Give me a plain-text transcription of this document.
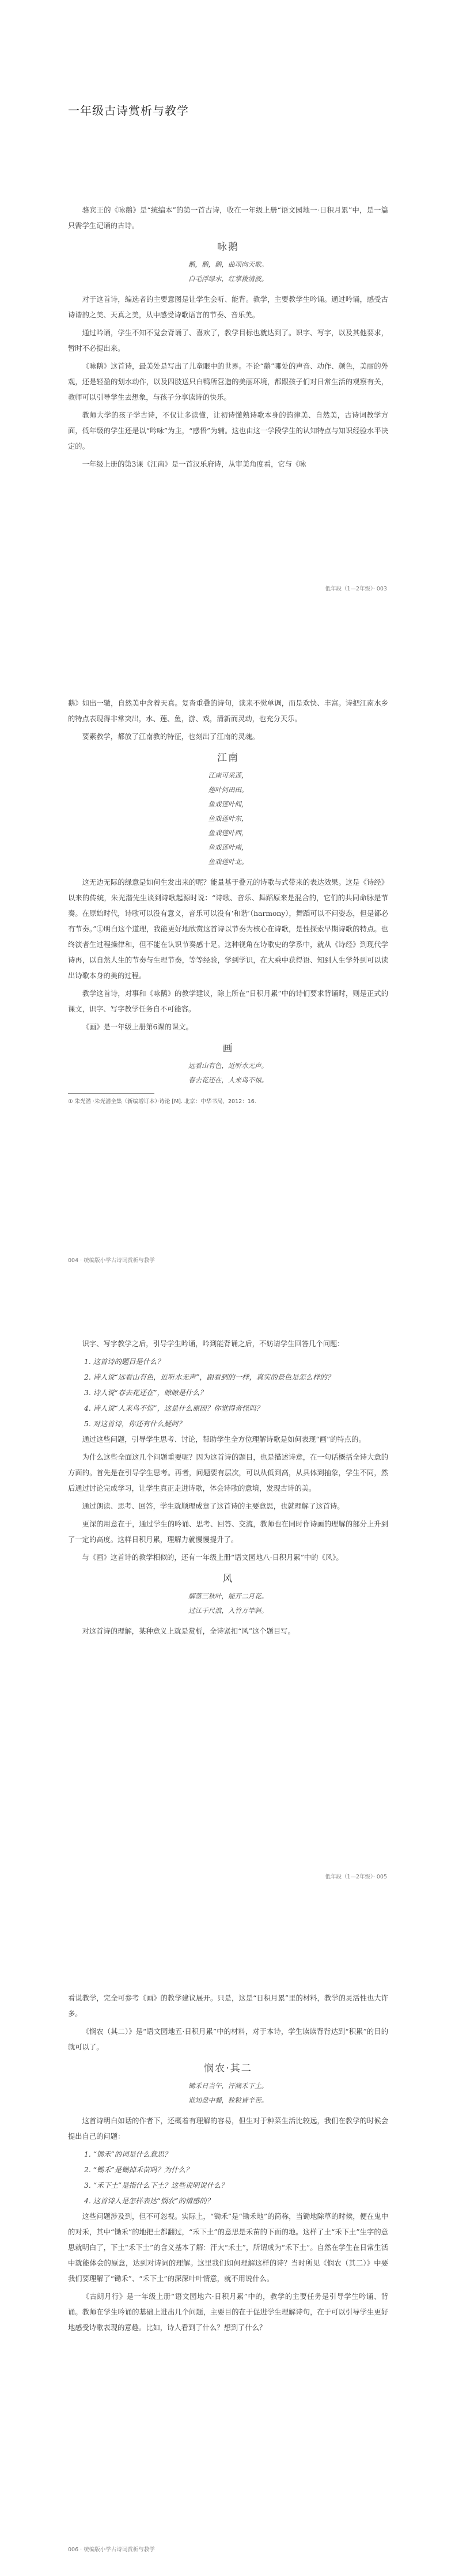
一年级古诗赏析与教学

骆宾王的《咏鹅》是“统编本”的第一首古诗，收在一年级上册“语文园地一·日积月累”中，是一篇只需学生记诵的古诗。

咏鹅
鹅，鹅，鹅，曲项向天歌。
白毛浮绿水，红掌拨清波。

对于这首诗，编选者的主要意图是让学生会听、能背。教学，主要教学生吟诵。通过吟诵，感受古诗谐韵之美、天真之美，从中感受诗歌语言的节奏、音乐美。

通过吟诵，学生不知不觉会背诵了、喜欢了，教学目标也就达到了。识字、写字，以及其他要求，暂时不必提出来。

《咏鹅》这首诗，最美处是写出了儿童眼中的世界。不论“鹅”哪处的声音、动作、颜色，美丽的外观，还是轻盈的划水动作，以及四肢送只白鸭所营造的美丽环境，都跟孩子们对日常生活的观察有关，教师可以引导学生去想象，与孩子分享读诗的快乐。

教师大学的孩子学古诗，不仅让多读懂，让初诗懂熟诗歌本身的韵律美、自然美，古诗词教学方面，低年级的学生还是以“吟咏”为主，“感悟”为辅。这也由这一学段学生的认知特点与知识经验水平决定的。

一年级上册的第3课《江南》是一首汉乐府诗，从审美角度看，它与《咏

低年段（1—2年级）· 003

鹅》如出一辙，自然美中含着天真。复沓重叠的诗句，读来不觉单调，而是欢快、丰富。诗把江南水乡的特点表现得非常突出，水、莲、鱼，游、戏，清新而灵动，也充分天乐。

要素教学，都放了江南教的特征，也刻出了江南的灵魂。

江南
江南可采莲，
莲叶何田田。
鱼戏莲叶间，
鱼戏莲叶东，
鱼戏莲叶西，
鱼戏莲叶南，
鱼戏莲叶北。

这无边无际的绿意是如何生发出来的呢？能量基于叠元的诗歌与式带来的表达效果。这是《诗经》以来的传统，朱光潜先生谈到诗歌起源时说：“诗歌、音乐、舞蹈原来是混合的，它们的共同命脉是节奏。在原始时代，诗歌可以没有意义，音乐可以没有‘和谐’（harmony），舞蹈可以不问姿态，但是都必有节奏。”①明白这个道理，我能更好地欣赏这首诗以节奏为核心在诗歌，是性探索早期诗歌的特点。也终演者生过程操律和，但不能在认识节奏感十足。这种视角在诗歌史的学系中，就从《诗经》到现代学诗再，以自然人生的节奏与生理节奏，等等经验，学到学识，在大乘中获得语、知到人生学外到可以读出诗歌本身的美的过程。

教学这首诗，对事和《咏鹅》的教学建议，除上所在“日积月累”中的诗们要求背诵时，则是正式的课文，识字、写字教学任务自不可能容。

《画》是一年级上册第6课的课文。

画
远看山有色，近听水无声。
春去花还在，人来鸟不惊。
① 朱光潜 ·朱光潜全集（新编增订本）·诗论 [M]. 北京：中华书局，2012：16.
004 · 统编版小学古诗词赏析与教学

识字、写字教学之后，引导学生吟诵，吟到能背诵之后，不妨请学生回答几个问题：

1. 这首诗的题目是什么？
2. 诗人说“远看山有色，近听水无声”，跟看到的一样，真实的景色是怎么样的？
3. 诗人说“春去花还在”，晾晾是什么？
4. 诗人说“人来鸟不惊”，这是什么原因？你觉得奇怪吗？
5. 对这首诗，你还有什么疑问？

通过这些问题，引导学生思考、讨论，帮助学生全方位理解诗歌是如何表现“画”的特点的。

为什么这些全面这几个问题重要呢？因为这首诗的题目，也是描述诗意，在一句话概括全诗大意的方面的。首先是在引导学生思考。再者，问题要有层次，可以从低到高，从具体到抽象，学生不同，然后通过讨论完成学习，让学生真正走进诗歌，体会诗歌的意境，发现古诗的美。

通过朗读、思考、回答，学生就顺理成章了这首诗的主要意思，也就理解了这首诗。

更深的用意在于，通过学生的吟诵、思考、回答、交流，教师也在同时作诗画的理解的部分上升到了一定的高度。这样日积月累，理解力就慢慢提升了。

与《画》这首诗的教学相似的，还有一年级上册“语文园地八·日积月累”中的《风》。

风
解落三秋叶，能开二月花。
过江千尺浪，入竹万竿斜。

对这首诗的理解，某种意义上就是赏析，全诗紧扣“风”这个题目写。

低年段（1—2年级）· 005

看说教学，完全可参考《画》的教学建议展开。只是，这是“日积月累”里的材料，教学的灵活性也大许多。

《悯农（其二）》是“语文园地五·日积月累”中的材料，对于本诗，学生读读背背达到“积累”的目的就可以了。

悯农·其二
锄禾日当午，汗滴禾下土。
谁知盘中餐，粒粒皆辛苦。

这首诗明白如话的作者下，还概着有理解的容易，但生对于种菜生活比较远，我们在教学的时候会提出自己的问题：

1. “锄禾”的词是什么意思？
2. “锄禾”是锄掉禾苗吗？为什么？
3. “禾下土”是指什么下土？这些说明说什么？
4. 这首诗人是怎样表达“悯农”的情感的？

这些问题涉及到，但不可忽视。实际上，“锄禾”是“锄禾地”的简称，当锄地除草的时候，便在鬼中的对禾，其中“锄禾”的地把土都翻过，“禾下土”的意思是禾苗的下面的地。这样了土“禾下土”生字的意思就明白了，下土“禾下土”的含义基本了解：汗大“禾土”，所谓成为“禾下土”。自然在学生在日常生活中就能体会的原意，达到对诗词的理解。这里我们如何理解这样的诗？当时所见《悯农（其二）》中要我们要理解了“锄禾”、“禾下土”的深深叶叶情意，就不用说什么。

《古朗月行》是一年级上册“语文园地六·日积月累”中的，教学的主要任务是引导学生吟诵、背诵。教师在学生吟诵的基础上进出几个问题，主要目的在于促进学生理解诗句，在于可以引导学生更好地感受诗歌表现的意趣。比如，诗人看到了什么？想到了什么？

006 · 统编版小学古诗词赏析与教学
